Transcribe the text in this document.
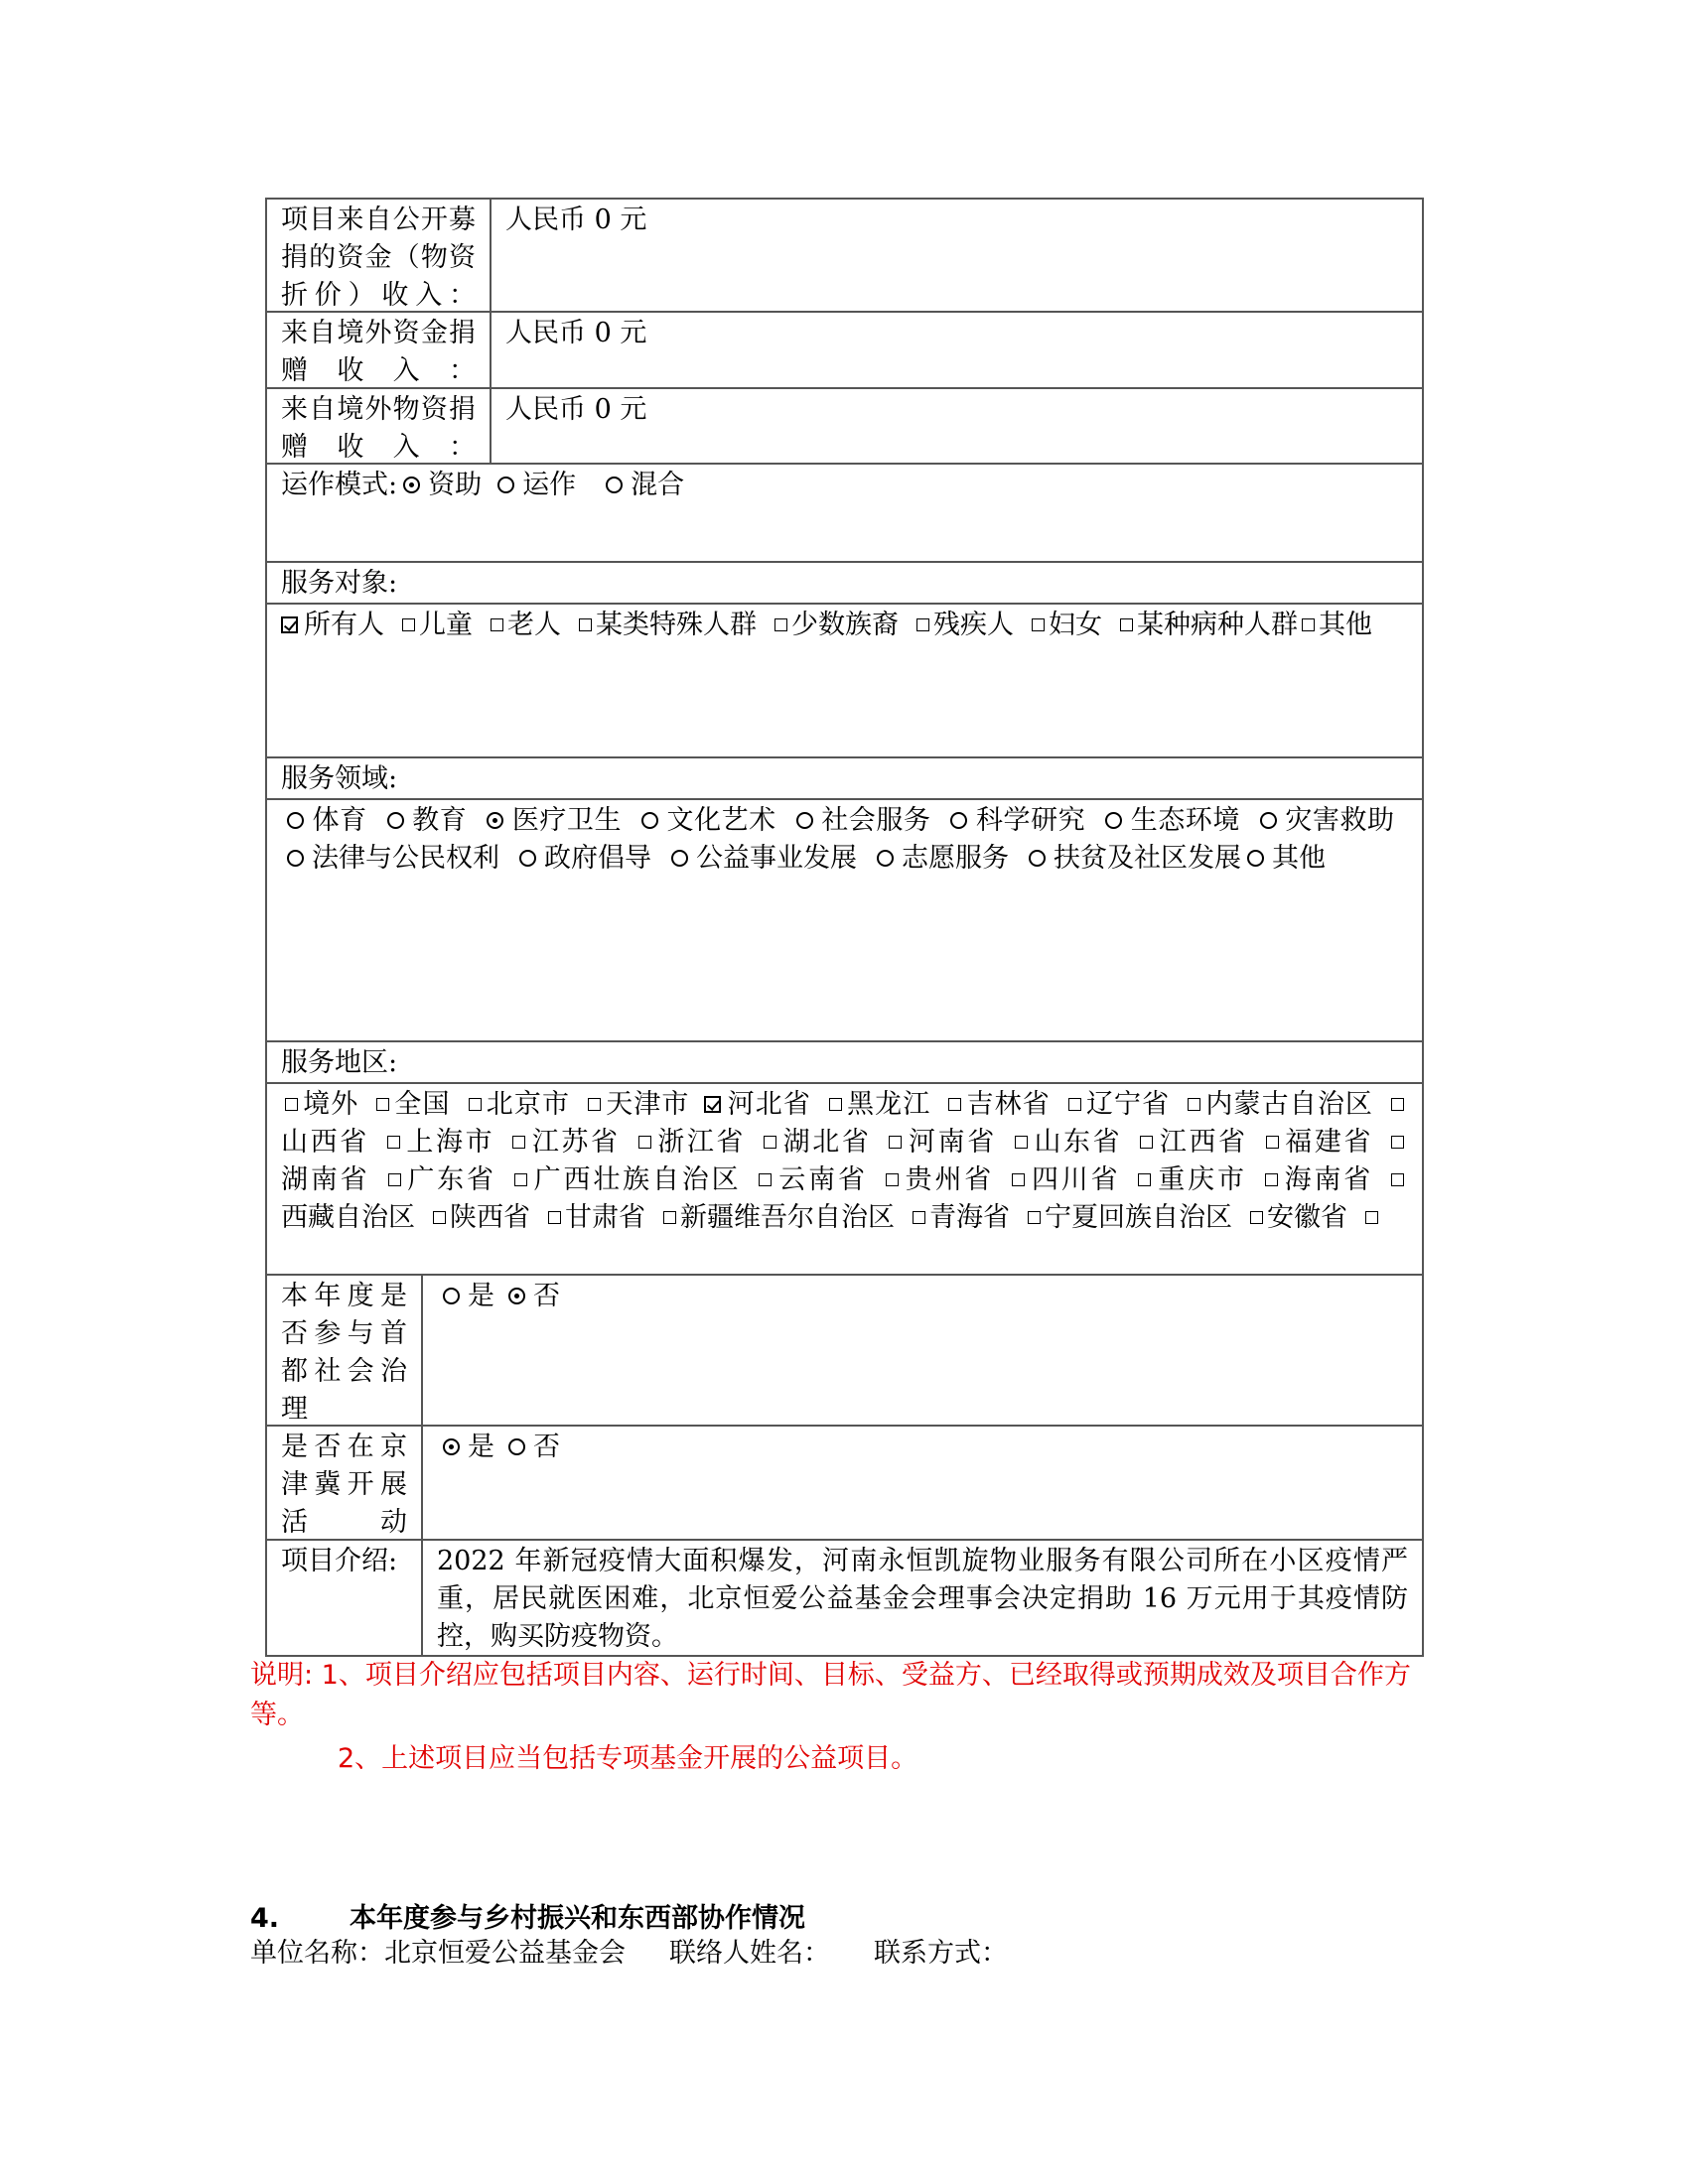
项目来自公开募捐的资金（物资折价）收入：
人民币 0 元
来自境外资金捐赠收入：
人民币 0 元
来自境外物资捐赠收入：
人民币 0 元
运作模式: 资助 运作 混合
服务对象:
所有人 儿童 老人 某类特殊人群 少数族裔 残疾人 妇女 某种病种人群 其他
服务领域:
体育 教育 医疗卫生 文化艺术 社会服务 科学研究 生态环境 灾害救助法律与公民权利 政府倡导 公益事业发展 志愿服务 扶贫及社区发展 其他
服务地区:
境外 全国 北京市 天津市 河北省 黑龙江 吉林省 辽宁省 内蒙古自治区山西省 上海市 江苏省 浙江省 湖北省 河南省 山东省 江西省 福建省湖南省 广东省 广西壮族自治区 云南省 贵州省 四川省 重庆市 海南省西藏自治区 陕西省 甘肃省 新疆维吾尔自治区 青海省 宁夏回族自治区 安徽省
本年度是否参与首都社会治理
是 否
是否在京津冀开展活动
是 否
项目介绍:	2022 年新冠疫情大面积爆发，河南永恒凯旋物业服务有限公司所在小区疫情严重，居民就医困难，北京恒爱公益基金会理事会决定捐助 16 万元用于其疫情防控，购买防疫物资。
说明: 1、项目介绍应包括项目内容、运行时间、目标、受益方、已经取得或预期成效及项目合作方等。
2、上述项目应当包括专项基金开展的公益项目。
4.	本年度参与乡村振兴和东西部协作情况
单位名称：北京恒爱公益基金会 联络人姓名： 联系方式：
